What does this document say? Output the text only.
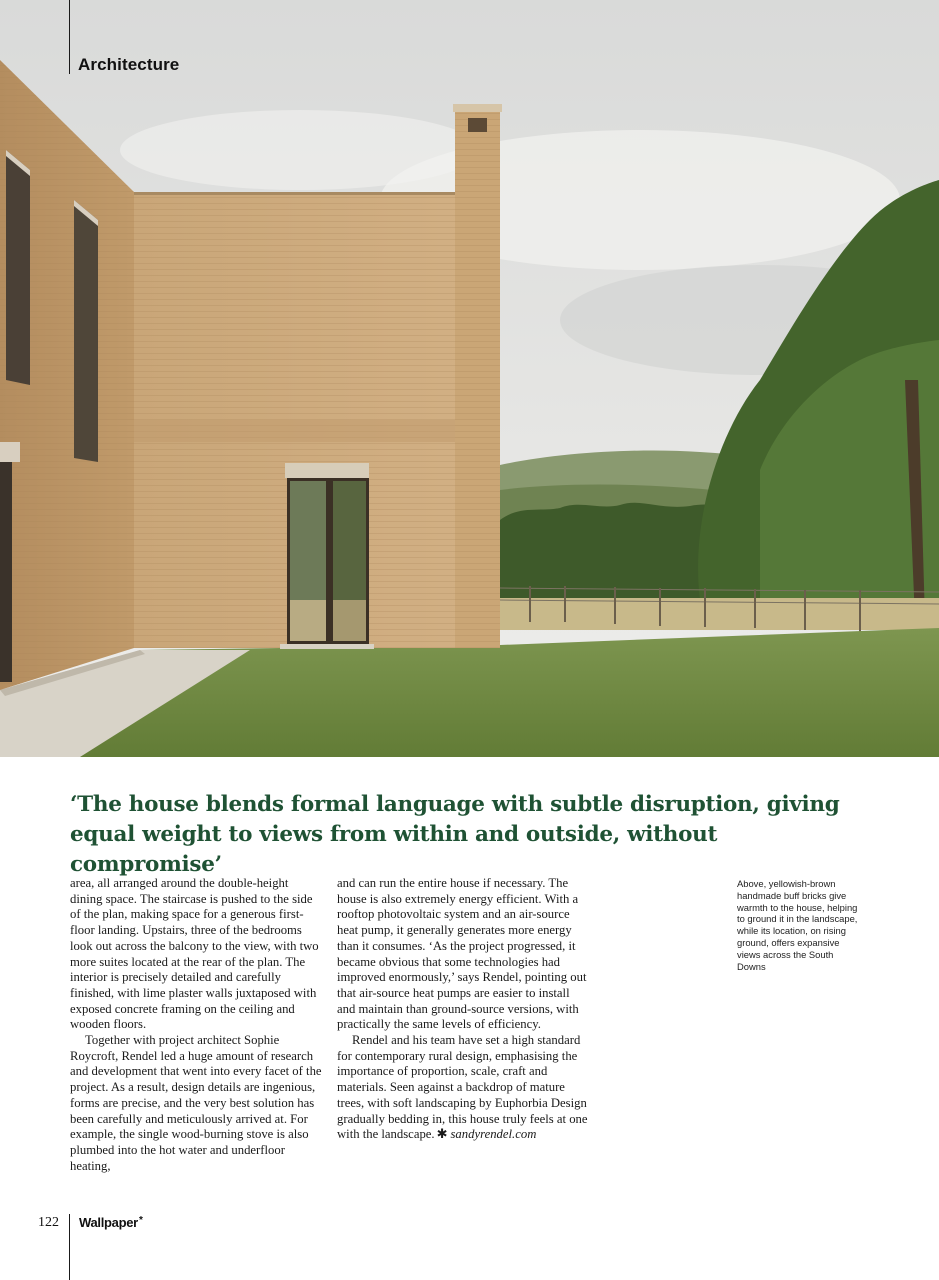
Architecture
‘The house blends formal language with subtle disruption, giving equal weight to views from within and outside, without compromise’

area, all arranged around the double-height dining space. The staircase is pushed to the side of the plan, making space for a generous first-floor landing. Upstairs, three of the bedrooms look out across the balcony to the view, with two more suites located at the rear of the plan. The interior is precisely detailed and carefully finished, with lime plaster walls juxtaposed with exposed concrete framing on the ceiling and wooden floors.

Together with project architect Sophie Roycroft, Rendel led a huge amount of research and development that went into every facet of the project. As a result, design details are ingenious, forms are precise, and the very best solution has been carefully and meticulously arrived at. For example, the single wood-burning stove is also plumbed into the hot water and underfloor heating,

and can run the entire house if necessary. The house is also extremely energy efficient. With a rooftop photovoltaic system and an air-source heat pump, it generally generates more energy than it consumes. ‘As the project progressed, it became obvious that some technologies had improved enormously,’ says Rendel, pointing out that air-source heat pumps are easier to install and maintain than ground-source versions, with practically the same levels of efficiency.

Rendel and his team have set a high standard for contemporary rural design, emphasising the importance of proportion, scale, craft and materials. Seen against a backdrop of mature trees, with soft landscaping by Euphorbia Design gradually bedding in, this house truly feels at one with the landscape. ✱ sandyrendel.com

Above, yellowish-brown handmade buff bricks give warmth to the house, helping to ground it in the landscape, while its location, on rising ground, offers expansive views across the South Downs

122 Wallpaper*
